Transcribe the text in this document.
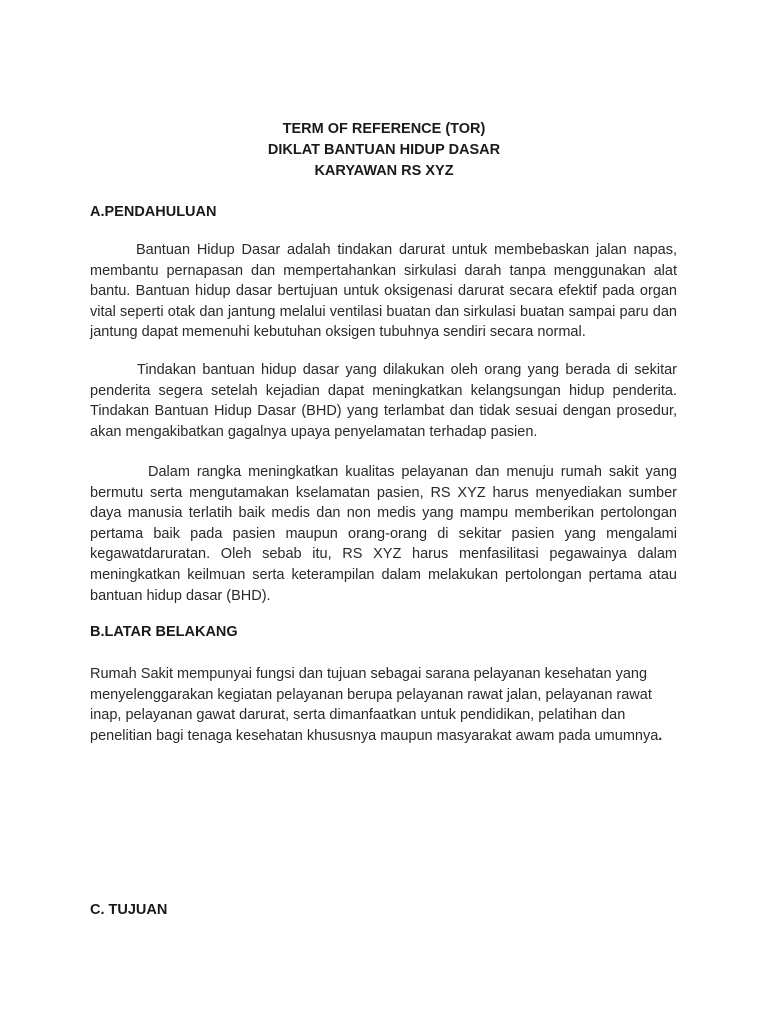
TERM OF REFERENCE (TOR)
DIKLAT BANTUAN HIDUP DASAR
KARYAWAN RS XYZ
A.PENDAHULUAN

Bantuan Hidup Dasar adalah tindakan darurat untuk membebaskan jalan napas, membantu pernapasan dan mempertahankan sirkulasi darah tanpa menggunakan alat bantu. Bantuan hidup dasar bertujuan untuk oksigenasi darurat secara efektif pada organ vital seperti otak dan jantung melalui ventilasi buatan dan sirkulasi buatan sampai paru dan jantung dapat memenuhi kebutuhan oksigen tubuhnya sendiri secara normal.

Tindakan bantuan hidup dasar yang dilakukan oleh orang yang berada di sekitar penderita segera setelah kejadian dapat meningkatkan kelangsungan hidup penderita. Tindakan Bantuan Hidup Dasar (BHD) yang terlambat dan tidak sesuai dengan prosedur, akan mengakibatkan gagalnya upaya penyelamatan terhadap pasien.

Dalam rangka meningkatkan kualitas pelayanan dan menuju rumah sakit yang bermutu serta mengutamakan kselamatan pasien, RS XYZ harus menyediakan sumber daya manusia terlatih baik medis dan non medis yang mampu memberikan pertolongan pertama baik pada pasien maupun orang-orang di sekitar pasien yang mengalami kegawatdaruratan. Oleh sebab itu, RS XYZ harus menfasilitasi pegawainya dalam meningkatkan keilmuan serta keterampilan dalam melakukan pertolongan pertama atau bantuan hidup dasar (BHD).

B.LATAR BELAKANG

Rumah Sakit mempunyai fungsi dan tujuan sebagai sarana pelayanan kesehatan yang menyelenggarakan kegiatan pelayanan berupa pelayanan rawat jalan, pelayanan rawat inap, pelayanan gawat darurat, serta dimanfaatkan untuk pendidikan, pelatihan dan penelitian bagi tenaga kesehatan khususnya maupun masyarakat awam pada umumnya.

C. TUJUAN
